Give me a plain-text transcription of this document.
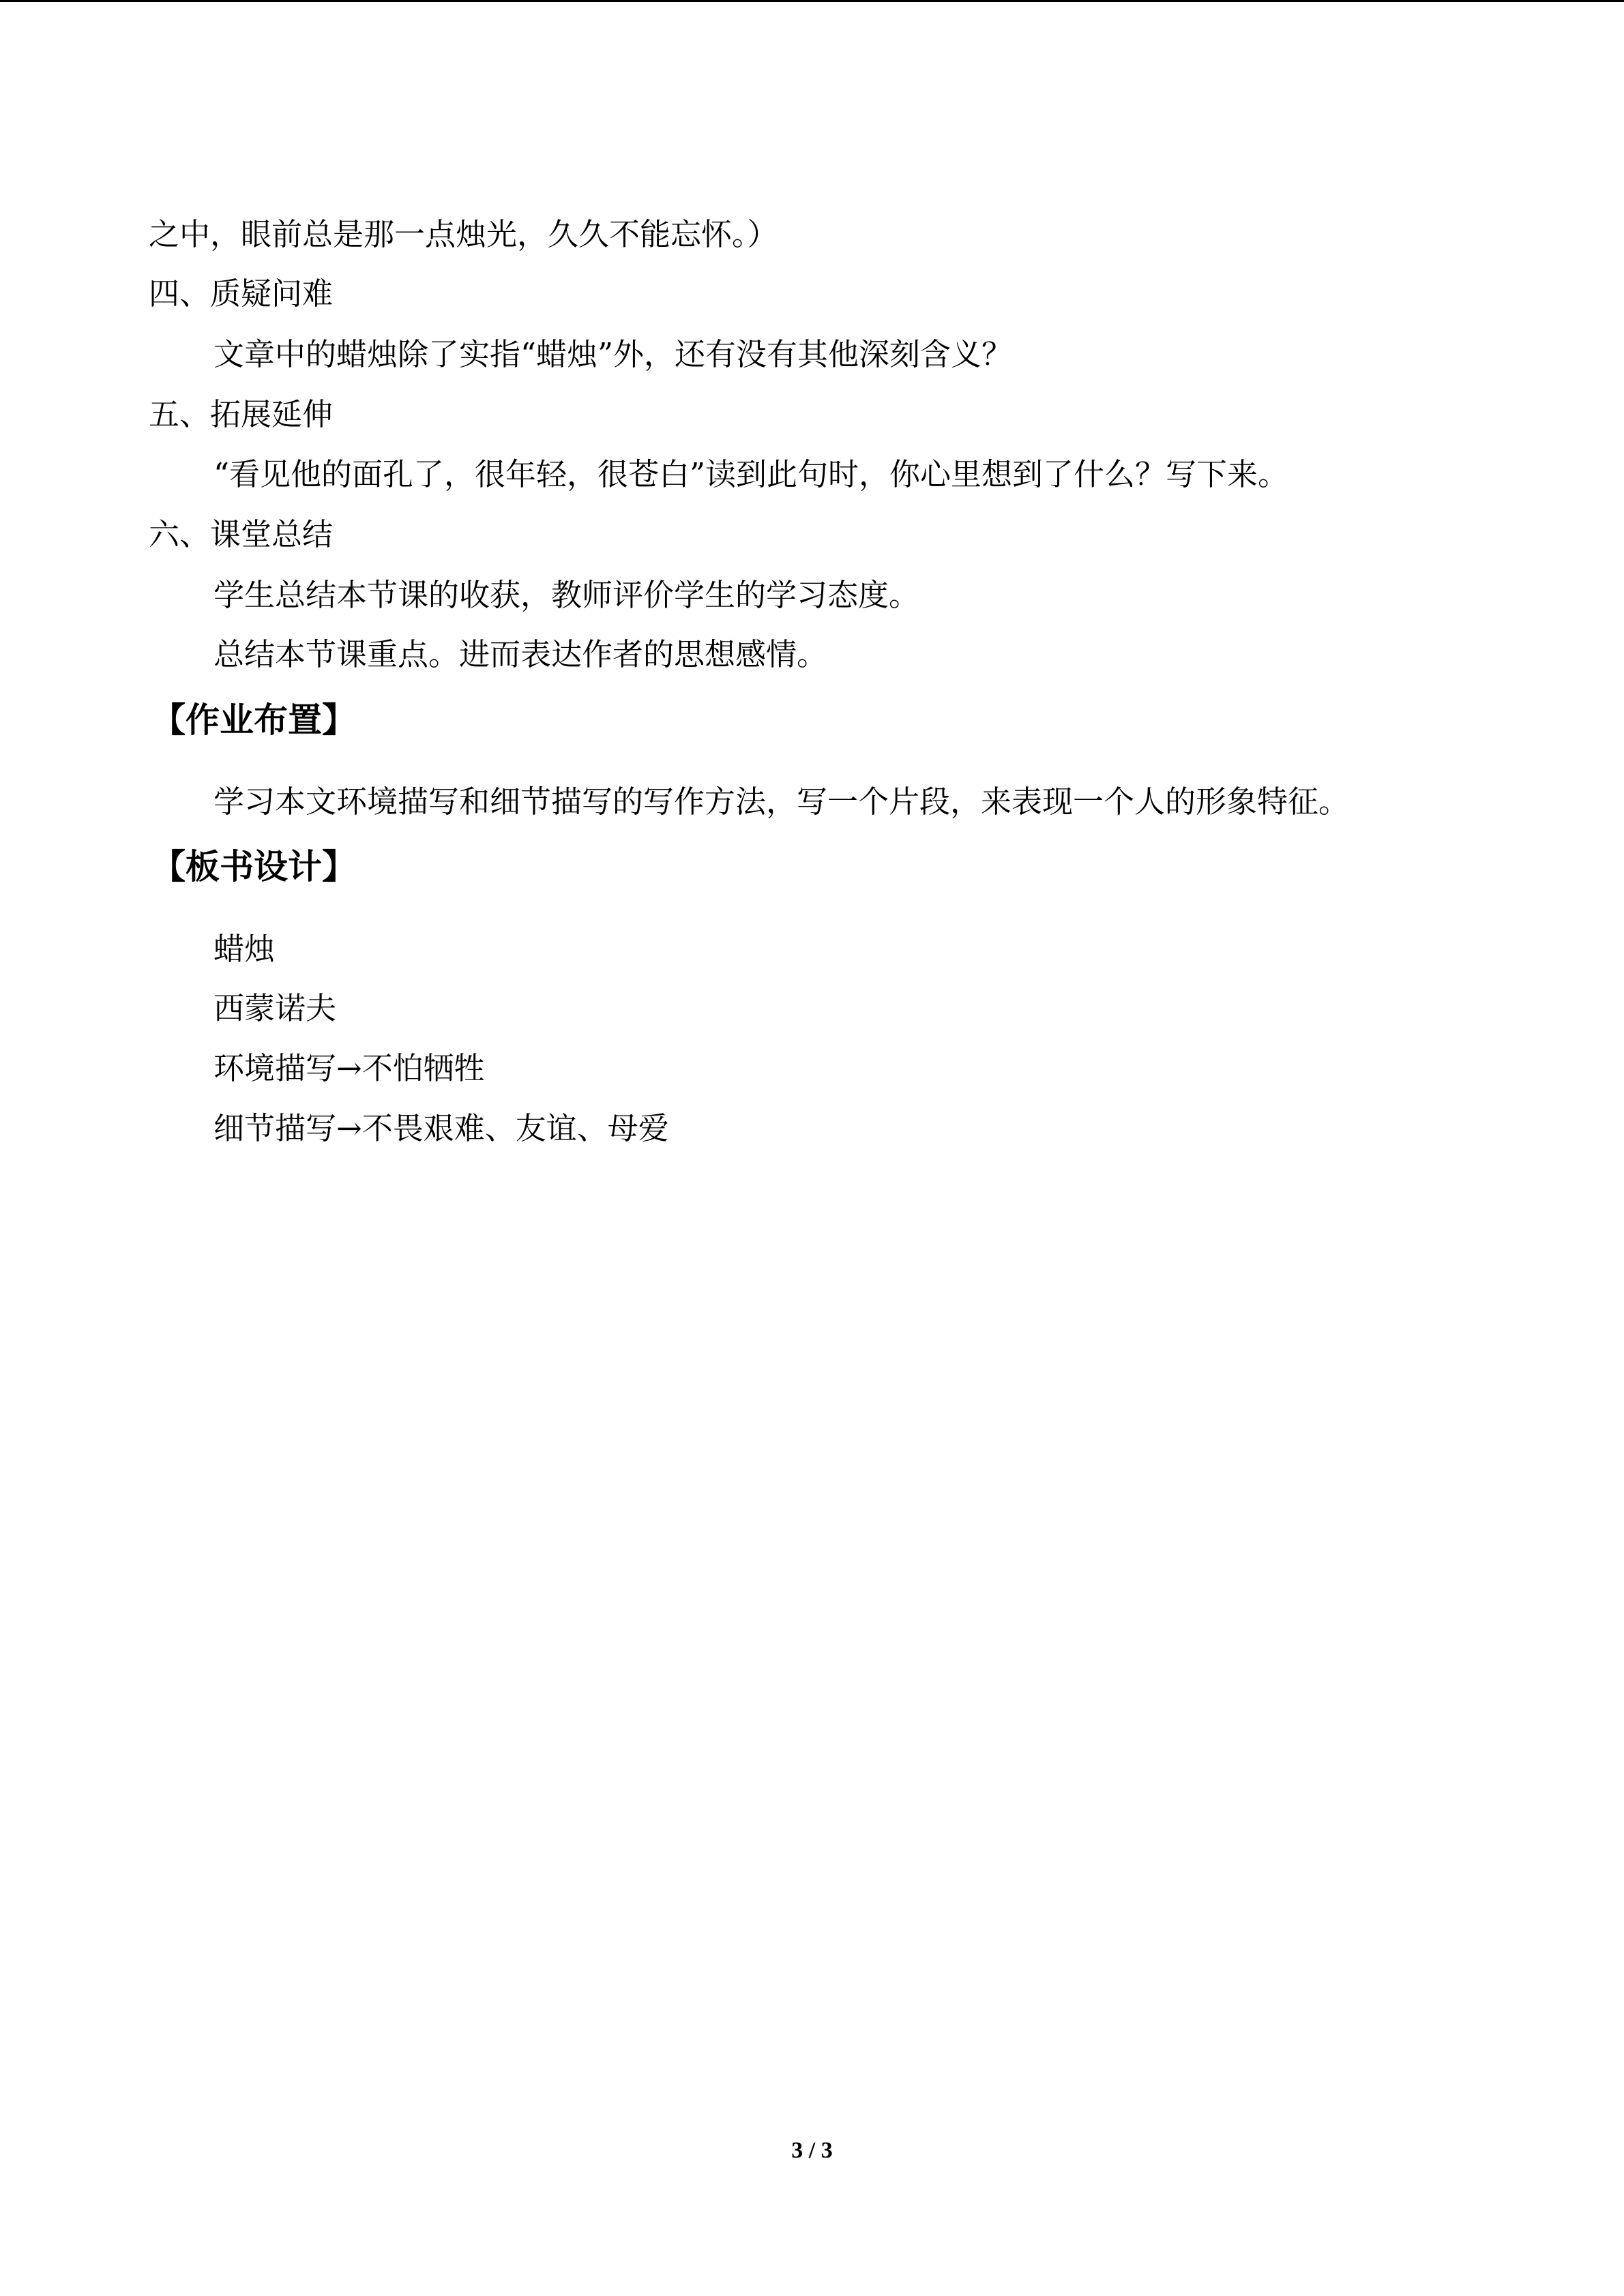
之中，眼前总是那一点烛光，久久不能忘怀。）
四、质疑问难
文章中的蜡烛除了实指“蜡烛”外，还有没有其他深刻含义？
五、拓展延伸
“看见他的面孔了，很年轻，很苍白”读到此句时，你心里想到了什么？写下来。
六、课堂总结
学生总结本节课的收获，教师评价学生的学习态度。
总结本节课重点。进而表达作者的思想感情。
【作业布置】
学习本文环境描写和细节描写的写作方法，写一个片段，来表现一个人的形象特征。
【板书设计】
蜡烛
西蒙诺夫
环境描写→不怕牺牲
细节描写→不畏艰难、友谊、母爱
3 / 3
